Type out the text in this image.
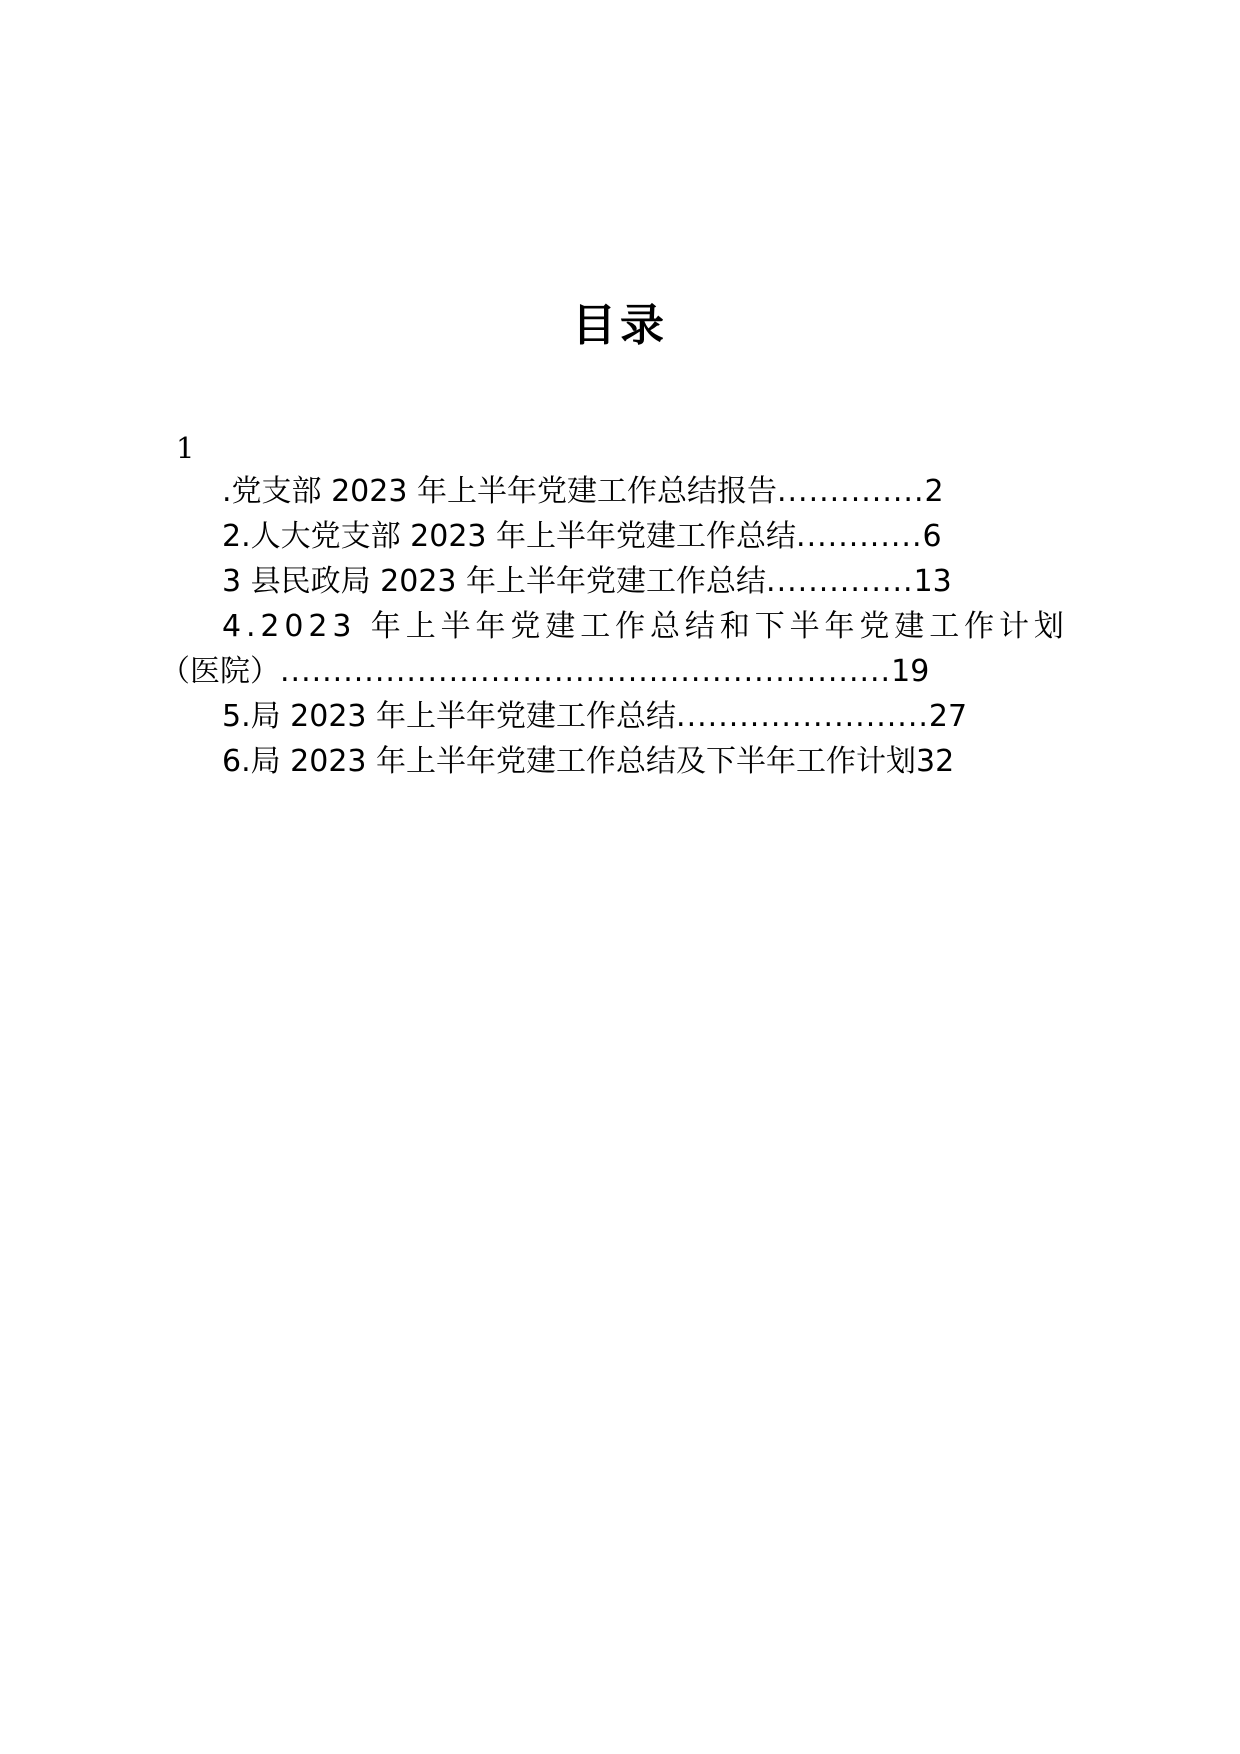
目录
1
.党支部 2023 年上半年党建工作总结报告..............2
2.人大党支部 2023 年上半年党建工作总结............6
3 县民政局 2023 年上半年党建工作总结..............13
4.2023 年上半年党建工作总结和下半年党建工作计划
（医院）..........................................................19
5.局 2023 年上半年党建工作总结........................27
6.局 2023 年上半年党建工作总结及下半年工作计划32
